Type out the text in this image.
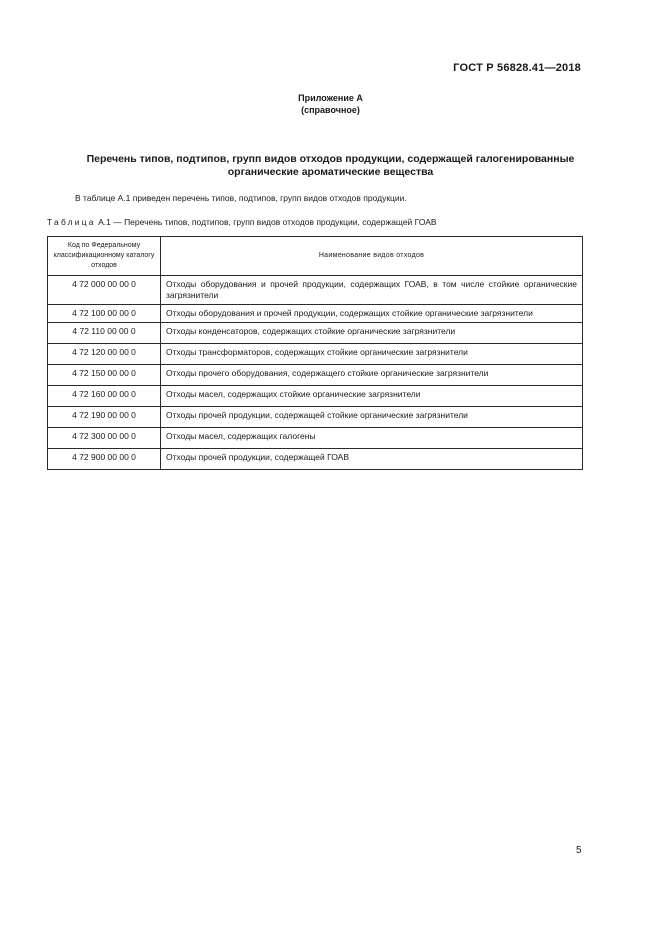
ГОСТ Р 56828.41—2018
Приложение А
(справочное)
Перечень типов, подтипов, групп видов отходов продукции, содержащей галогенированные
органические ароматические вещества
В таблице А.1 приведен перечень типов, подтипов, групп видов отходов продукции.
Таблица А.1 — Перечень типов, подтипов, групп видов отходов продукции, содержащей ГОАВ
Код по Федеральному классификационному каталогу отходов	Наименование видов отходов
4 72 000 00 00 0	Отходы оборудования и прочей продукции, содержащих ГОАВ, в том числе стойкие органические загрязнители
4 72 100 00 00 0	Отходы оборудования и прочей продукции, содержащих стойкие органические загрязнители
4 72 110 00 00 0	Отходы конденсаторов, содержащих стойкие органические загрязнители
4 72 120 00 00 0	Отходы трансформаторов, содержащих стойкие органические загрязнители
4 72 150 00 00 0	Отходы прочего оборудования, содержащего стойкие органические загрязнители
4 72 160 00 00 0	Отходы масел, содержащих стойкие органические загрязнители
4 72 190 00 00 0	Отходы прочей продукции, содержащей стойкие органические загрязнители
4 72 300 00 00 0	Отходы масел, содержащих галогены
4 72 900 00 00 0	Отходы прочей продукции, содержащей ГОАВ
5
